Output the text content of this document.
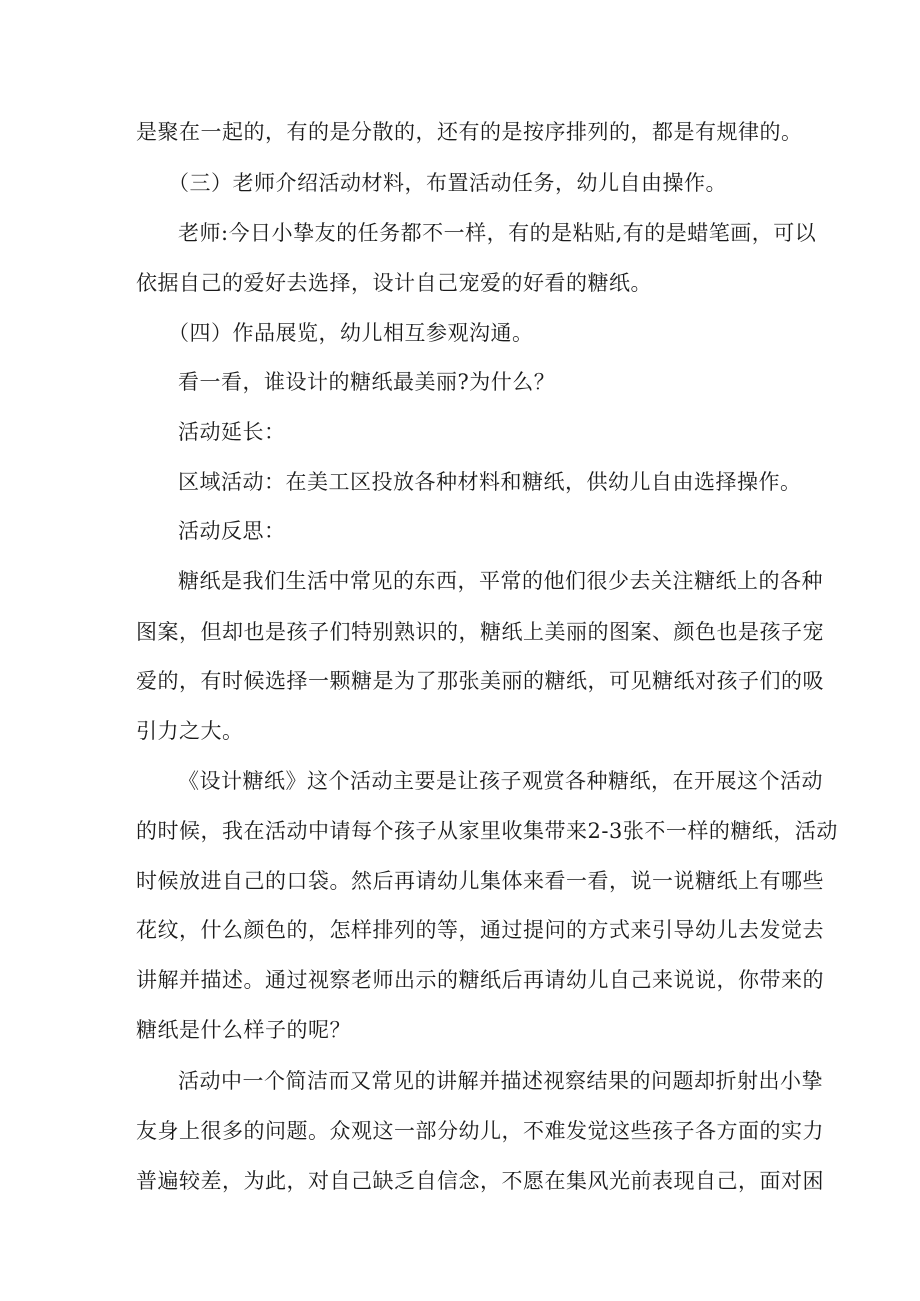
是聚在一起的，有的是分散的，还有的是按序排列的，都是有规律的。
（三）老师介绍活动材料，布置活动任务，幼儿自由操作。
老师:今日小挚友的任务都不一样，有的是粘贴,有的是蜡笔画，可以
依据自己的爱好去选择，设计自己宠爱的好看的糖纸。
（四）作品展览，幼儿相互参观沟通。
看一看，谁设计的糖纸最美丽?为什么？
活动延长：
区域活动：在美工区投放各种材料和糖纸，供幼儿自由选择操作。
活动反思：
糖纸是我们生活中常见的东西，平常的他们很少去关注糖纸上的各种
图案，但却也是孩子们特别熟识的，糖纸上美丽的图案、颜色也是孩子宠
爱的，有时候选择一颗糖是为了那张美丽的糖纸，可见糖纸对孩子们的吸
引力之大。
《设计糖纸》这个活动主要是让孩子观赏各种糖纸，在开展这个活动
的时候，我在活动中请每个孩子从家里收集带来2-3张不一样的糖纸，活动
时候放进自己的口袋。然后再请幼儿集体来看一看，说一说糖纸上有哪些
花纹，什么颜色的，怎样排列的等，通过提问的方式来引导幼儿去发觉去
讲解并描述。通过视察老师出示的糖纸后再请幼儿自己来说说，你带来的
糖纸是什么样子的呢？
活动中一个简洁而又常见的讲解并描述视察结果的问题却折射出小挚
友身上很多的问题。众观这一部分幼儿，不难发觉这些孩子各方面的实力
普遍较差，为此，对自己缺乏自信念，不愿在集风光前表现自己，面对困
